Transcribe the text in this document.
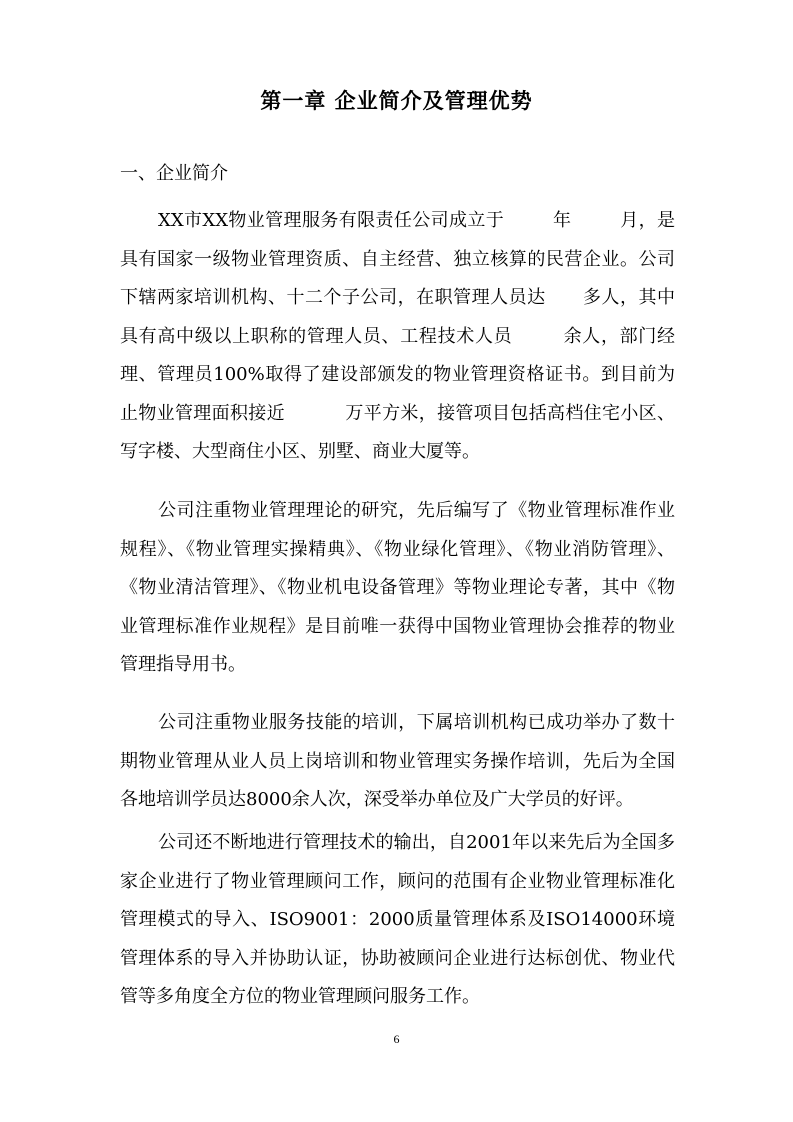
第一章 企业简介及管理优势
一、企业简介

XX市XX物业管理服务有限责任公司成立于        年        月，是具有国家一级物业管理资质、自主经营、独立核算的民营企业。公司下辖两家培训机构、十二个子公司，在职管理人员达      多人，其中具有高中级以上职称的管理人员、工程技术人员        余人，部门经理、管理员100%取得了建设部颁发的物业管理资格证书。到目前为止物业管理面积接近          万平方米，接管项目包括高档住宅小区、写字楼、大型商住小区、别墅、商业大厦等。

公司注重物业管理理论的研究，先后编写了《物业管理标准作业规程》、《物业管理实操精典》、《物业绿化管理》、《物业消防管理》、《物业清洁管理》、《物业机电设备管理》等物业理论专著，其中《物业管理标准作业规程》是目前唯一获得中国物业管理协会推荐的物业管理指导用书。

公司注重物业服务技能的培训，下属培训机构已成功举办了数十期物业管理从业人员上岗培训和物业管理实务操作培训，先后为全国各地培训学员达8000余人次，深受举办单位及广大学员的好评。

公司还不断地进行管理技术的输出，自2001年以来先后为全国多家企业进行了物业管理顾问工作，顾问的范围有企业物业管理标准化管理模式的导入、ISO9001：2000质量管理体系及ISO14000环境管理体系的导入并协助认证，协助被顾问企业进行达标创优、物业代管等多角度全方位的物业管理顾问服务工作。

6
